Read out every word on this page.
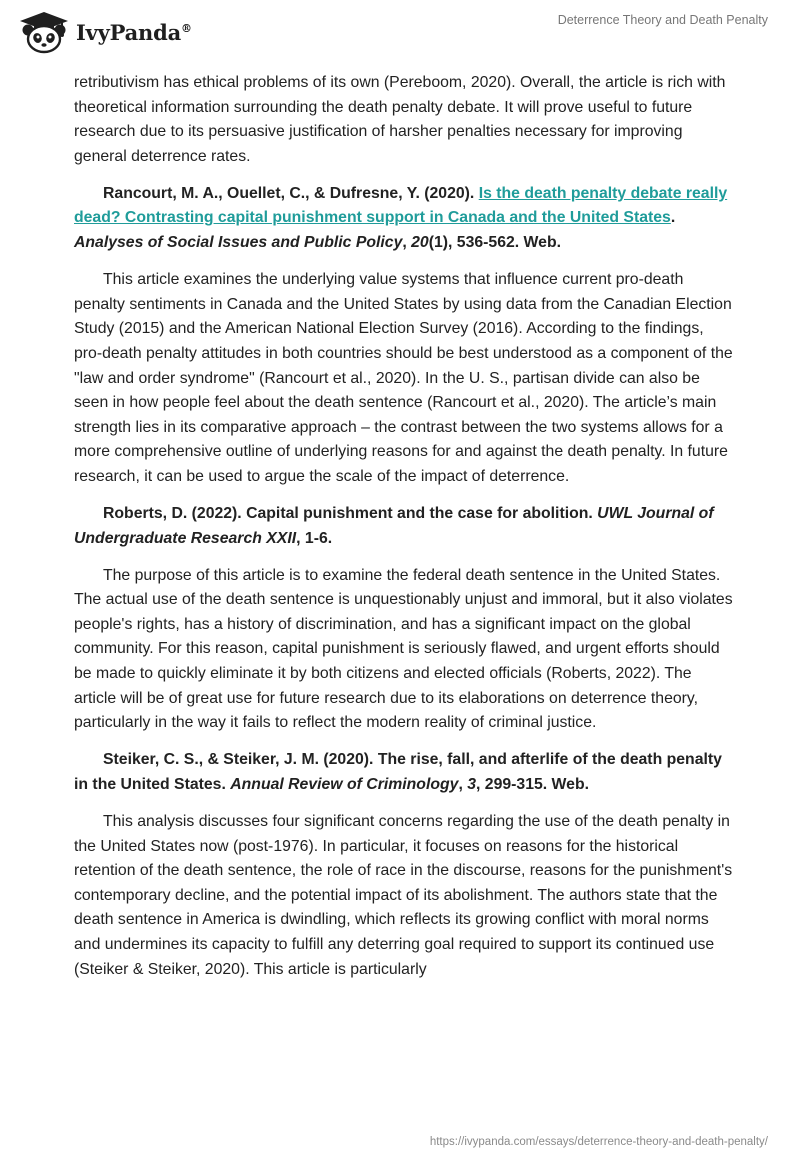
IvyPanda®
Deterrence Theory and Death Penalty

retributivism has ethical problems of its own (Pereboom, 2020). Overall, the article is rich with theoretical information surrounding the death penalty debate. It will prove useful to future research due to its persuasive justification of harsher penalties necessary for improving general deterrence rates.

Rancourt, M. A., Ouellet, C., & Dufresne, Y. (2020). Is the death penalty debate really dead? Contrasting capital punishment support in Canada and the United States. Analyses of Social Issues and Public Policy, 20(1), 536-562. Web.

This article examines the underlying value systems that influence current pro-death penalty sentiments in Canada and the United States by using data from the Canadian Election Study (2015) and the American National Election Survey (2016). According to the findings, pro-death penalty attitudes in both countries should be best understood as a component of the "law and order syndrome" (Rancourt et al., 2020). In the U. S., partisan divide can also be seen in how people feel about the death sentence (Rancourt et al., 2020). The article’s main strength lies in its comparative approach – the contrast between the two systems allows for a more comprehensive outline of underlying reasons for and against the death penalty. In future research, it can be used to argue the scale of the impact of deterrence.

Roberts, D. (2022). Capital punishment and the case for abolition. UWL Journal of Undergraduate Research XXII, 1-6.

The purpose of this article is to examine the federal death sentence in the United States. The actual use of the death sentence is unquestionably unjust and immoral, but it also violates people's rights, has a history of discrimination, and has a significant impact on the global community. For this reason, capital punishment is seriously flawed, and urgent efforts should be made to quickly eliminate it by both citizens and elected officials (Roberts, 2022). The article will be of great use for future research due to its elaborations on deterrence theory, particularly in the way it fails to reflect the modern reality of criminal justice.

Steiker, C. S., & Steiker, J. M. (2020). The rise, fall, and afterlife of the death penalty in the United States. Annual Review of Criminology, 3, 299-315. Web.

This analysis discusses four significant concerns regarding the use of the death penalty in the United States now (post-1976). In particular, it focuses on reasons for the historical retention of the death sentence, the role of race in the discourse, reasons for the punishment's contemporary decline, and the potential impact of its abolishment. The authors state that the death sentence in America is dwindling, which reflects its growing conflict with moral norms and undermines its capacity to fulfill any deterring goal required to support its continued use (Steiker & Steiker, 2020). This article is particularly

https://ivypanda.com/essays/deterrence-theory-and-death-penalty/
